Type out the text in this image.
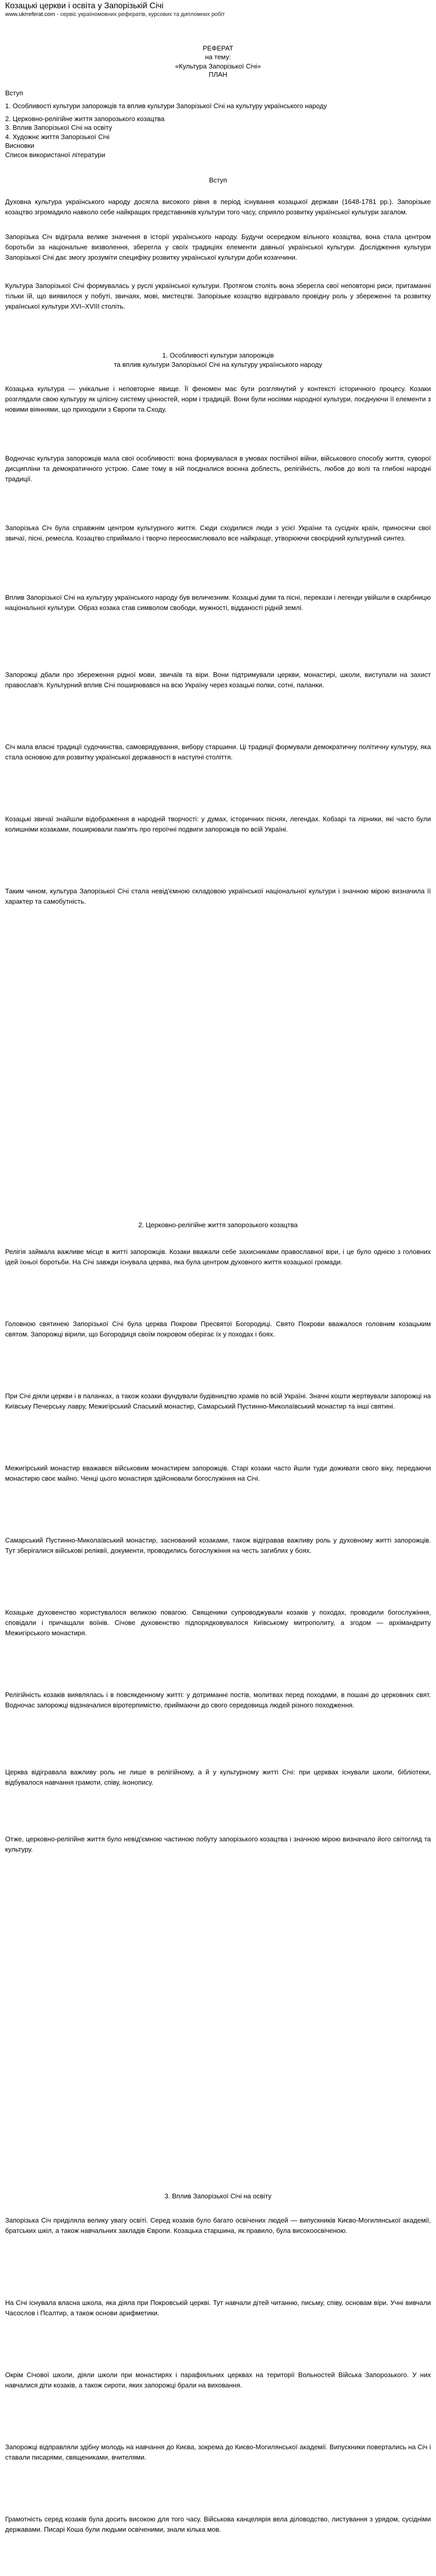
Козацькі церкви і освіта у Запорізькій Січі
www.ukrreferat.com - сервіс україномовних рефератів, курсових та дипломних робіт
РЕФЕРАТ
на тему:
«Культура Запорізької Січі»
ПЛАН
Вступ
1. Особливості культури запорожців та вплив культури Запорізької Січі на культуру українського народу
2. Церковно-релігійне життя запорозького козацтва
3. Вплив Запорізької Січі на освіту
4. Художнє життя Запорізької Січі
Висновки
Список використаної літератури
Вступ

Духовна культура українського народу досягла високого рівня в період існування козацької держави (1648-1781 рр.). Запорізьке козацтво згромадило навколо себе найкращих представників культури того часу, сприяло розвитку української культури загалом.

Запорізька Січ відіграла велике значення в історії українського народу. Будучи осередком вільного козацтва, вона стала центром боротьби за національне визволення, зберегла у своїх традиціях елементи давньої української культури. Дослідження культури Запорізької Січі дає змогу зрозуміти специфіку розвитку української культури доби козаччини.

Культура Запорізької Січі формувалась у руслі української культури. Протягом століть вона зберегла свої неповторні риси, притаманні тільки їй, що виявилося у побуті, звичаях, мові, мистецтві. Запорізьке козацтво відігравало провідну роль у збереженні та розвитку української культури XVI–XVIII століть.

1. Особливості культури запорожців
та вплив культури Запорізької Січі на культуру українського народу

Козацька культура — унікальне і неповторне явище. Її феномен має бути розглянутий у контексті історичного процесу. Козаки розглядали свою культуру як цілісну систему цінностей, норм і традицій. Вони були носіями народної культури, поєднуючи її елементи з новими віяннями, що приходили з Європи та Сходу.

Водночас культура запорожців мала свої особливості: вона формувалася в умовах постійної війни, військового способу життя, суворої дисципліни та демократичного устрою. Саме тому в ній поєдналися воєнна доблесть, релігійність, любов до волі та глибокі народні традиції.

Запорізька Січ була справжнім центром культурного життя. Сюди сходилися люди з усієї України та сусідніх країн, приносячи свої звичаї, пісні, ремесла. Козацтво сприймало і творчо переосмислювало все найкраще, утворюючи своєрідний культурний синтез.

Вплив Запорізької Січі на культуру українського народу був величезним. Козацькі думи та пісні, перекази і легенди увійшли в скарбницю національної культури. Образ козака став символом свободи, мужності, відданості рідній землі.

Запорожці дбали про збереження рідної мови, звичаїв та віри. Вони підтримували церкви, монастирі, школи, виступали на захист православ'я. Культурний вплив Січі поширювався на всю Україну через козацькі полки, сотні, паланки.

Січ мала власні традиції судочинства, самоврядування, вибору старшини. Ці традиції формували демократичну політичну культуру, яка стала основою для розвитку української державності в наступні століття.

Козацькі звичаї знайшли відображення в народній творчості: у думах, історичних піснях, легендах. Кобзарі та лірники, які часто були колишніми козаками, поширювали пам'ять про героїчні подвиги запорожців по всій Україні.

Таким чином, культура Запорізької Січі стала невід'ємною складовою української національної культури і значною мірою визначила її характер та самобутність.

2. Церковно-релігійне життя запорозького козацтва

Релігія займала важливе місце в житті запорожців. Козаки вважали себе захисниками православної віри, і це було однією з головних ідей їхньої боротьби. На Січі завжди існувала церква, яка була центром духовного життя козацької громади.

Головною святинею Запорізької Січі була церква Покрови Пресвятої Богородиці. Свято Покрови вважалося головним козацьким святом. Запорожці вірили, що Богородиця своїм покровом оберігає їх у походах і боях.

При Січі діяли церкви і в паланках, а також козаки фундували будівництво храмів по всій Україні. Значні кошти жертвували запорожці на Київську Печерську лавру, Межигірський Спаський монастир, Самарський Пустинно-Миколаївський монастир та інші святині.

Межигірський монастир вважався військовим монастирем запорожців. Старі козаки часто йшли туди доживати свого віку, передаючи монастирю своє майно. Ченці цього монастиря здійснювали богослужіння на Січі.

Самарський Пустинно-Миколаївський монастир, заснований козаками, також відігравав важливу роль у духовному житті запорожців. Тут зберігалися військові реліквії, документи, проводились богослужіння на честь загиблих у боях.

Козацьке духовенство користувалося великою повагою. Священики супроводжували козаків у походах, проводили богослужіння, сповідали і причащали воїнів. Січове духовенство підпорядковувалося Київському митрополиту, а згодом — архімандриту Межигірського монастиря.

Релігійність козаків виявлялась і в повсякденному житті: у дотриманні постів, молитвах перед походами, в пошані до церковних свят. Водночас запорожці відзначалися віротерпимістю, приймаючи до свого середовища людей різного походження.

Церква відігравала важливу роль не лише в релігійному, а й у культурному житті Січі: при церквах існували школи, бібліотеки, відбувалося навчання грамоти, співу, іконопису.

Отже, церковно-релігійне життя було невід'ємною частиною побуту запорізького козацтва і значною мірою визначало його світогляд та культуру.

3. Вплив Запорізької Січі на освіту

Запорізька Січ приділяла велику увагу освіті. Серед козаків було багато освічених людей — випускників Києво-Могилянської академії, братських шкіл, а також навчальних закладів Європи. Козацька старшина, як правило, була високоосвіченою.

На Січі існувала власна школа, яка діяла при Покровській церкві. Тут навчали дітей читанню, письму, співу, основам віри. Учні вивчали Часослов і Псалтир, а також основи арифметики.

Окрім Січової школи, діяли школи при монастирях і парафіяльних церквах на території Вольностей Війська Запорозького. У них навчалися діти козаків, а також сироти, яких запорожці брали на виховання.

Запорожці відправляли здібну молодь на навчання до Києва, зокрема до Києво-Могилянської академії. Випускники повертались на Січ і ставали писарями, священиками, вчителями.

Грамотність серед козаків була досить високою для того часу. Військова канцелярія вела діловодство, листування з урядом, сусідніми державами. Писарі Коша були людьми освіченими, знали кілька мов.
